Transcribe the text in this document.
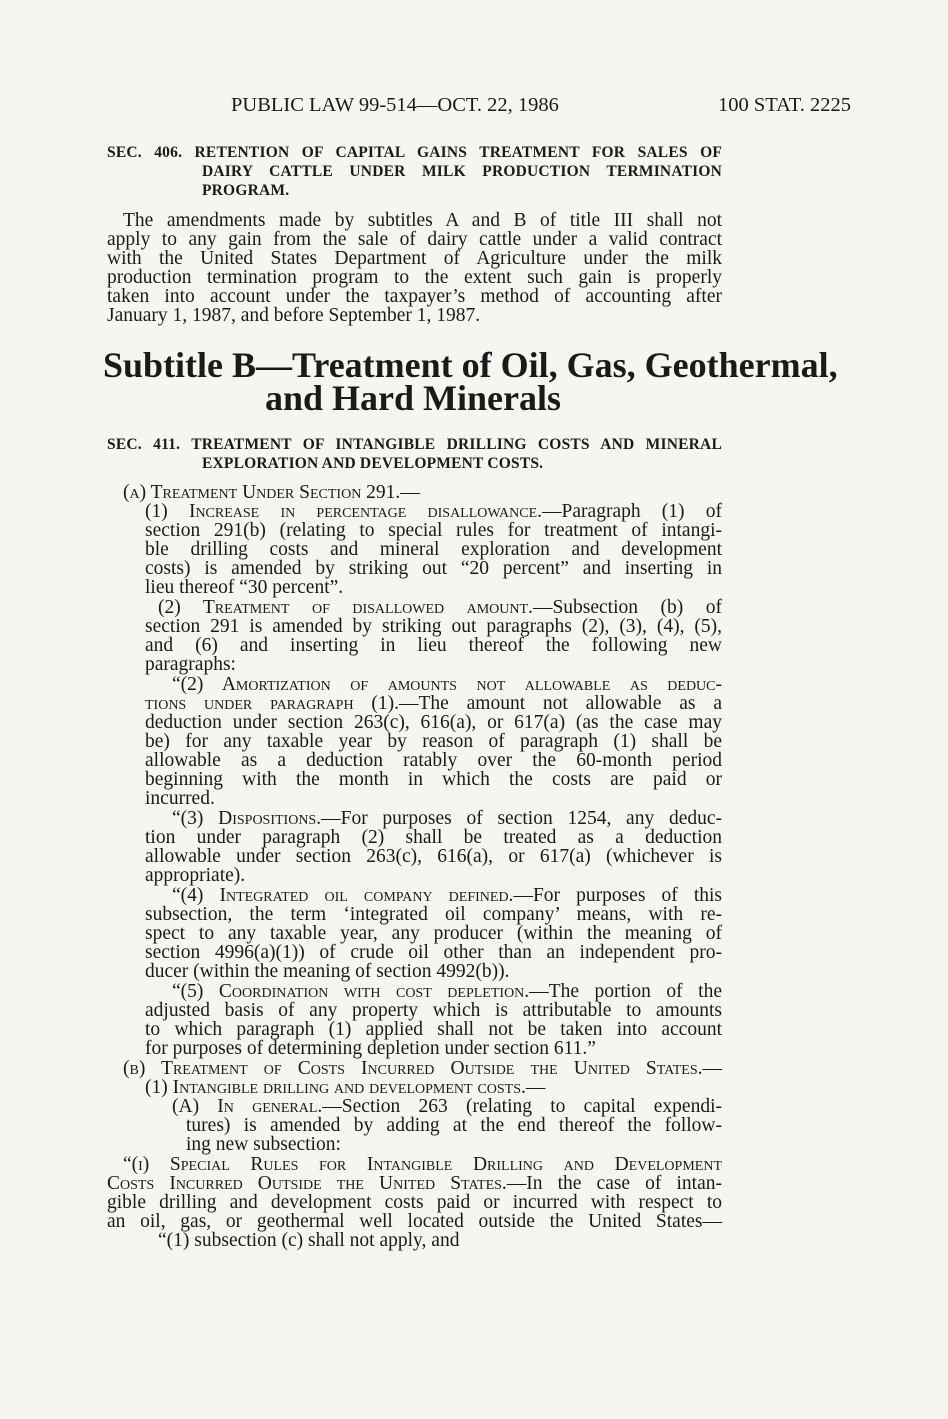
PUBLIC LAW 99-514—OCT. 22, 1986	100 STAT. 2225
SEC. 406. RETENTION OF CAPITAL GAINS TREATMENT FOR SALES OF
DAIRY CATTLE UNDER MILK PRODUCTION TERMINATION
PROGRAM.
The amendments made by subtitles A and B of title III shall not
apply to any gain from the sale of dairy cattle under a valid contract
with the United States Department of Agriculture under the milk
production termination program to the extent such gain is properly
taken into account under the taxpayer’s method of accounting after
January 1, 1987, and before September 1, 1987.
Subtitle B—Treatment of Oil, Gas, Geothermal,
and Hard Minerals
SEC. 411. TREATMENT OF INTANGIBLE DRILLING COSTS AND MINERAL
EXPLORATION AND DEVELOPMENT COSTS.
(a) Treatment Under Section 291.—
(1) Increase in percentage disallowance.—Paragraph (1) of
section 291(b) (relating to special rules for treatment of intangi-
ble drilling costs and mineral exploration and development
costs) is amended by striking out “20 percent” and inserting in
lieu thereof “30 percent”.
(2) Treatment of disallowed amount.—Subsection (b) of
section 291 is amended by striking out paragraphs (2), (3), (4), (5),
and (6) and inserting in lieu thereof the following new
paragraphs:
“(2) Amortization of amounts not allowable as deduc-
tions under paragraph (1).—The amount not allowable as a
deduction under section 263(c), 616(a), or 617(a) (as the case may
be) for any taxable year by reason of paragraph (1) shall be
allowable as a deduction ratably over the 60-month period
beginning with the month in which the costs are paid or
incurred.
“(3) Dispositions.—For purposes of section 1254, any deduc-
tion under paragraph (2) shall be treated as a deduction
allowable under section 263(c), 616(a), or 617(a) (whichever is
appropriate).
“(4) Integrated oil company defined.—For purposes of this
subsection, the term ‘integrated oil company’ means, with re-
spect to any taxable year, any producer (within the meaning of
section 4996(a)(1)) of crude oil other than an independent pro-
ducer (within the meaning of section 4992(b)).
“(5) Coordination with cost depletion.—The portion of the
adjusted basis of any property which is attributable to amounts
to which paragraph (1) applied shall not be taken into account
for purposes of determining depletion under section 611.”
(b) Treatment of Costs Incurred Outside the United States.—
(1) Intangible drilling and development costs.—
(A) In general.—Section 263 (relating to capital expendi-
tures) is amended by adding at the end thereof the follow-
ing new subsection:
“(i) Special Rules for Intangible Drilling and Development
Costs Incurred Outside the United States.—In the case of intan-
gible drilling and development costs paid or incurred with respect to
an oil, gas, or geothermal well located outside the United States—
“(1) subsection (c) shall not apply, and
